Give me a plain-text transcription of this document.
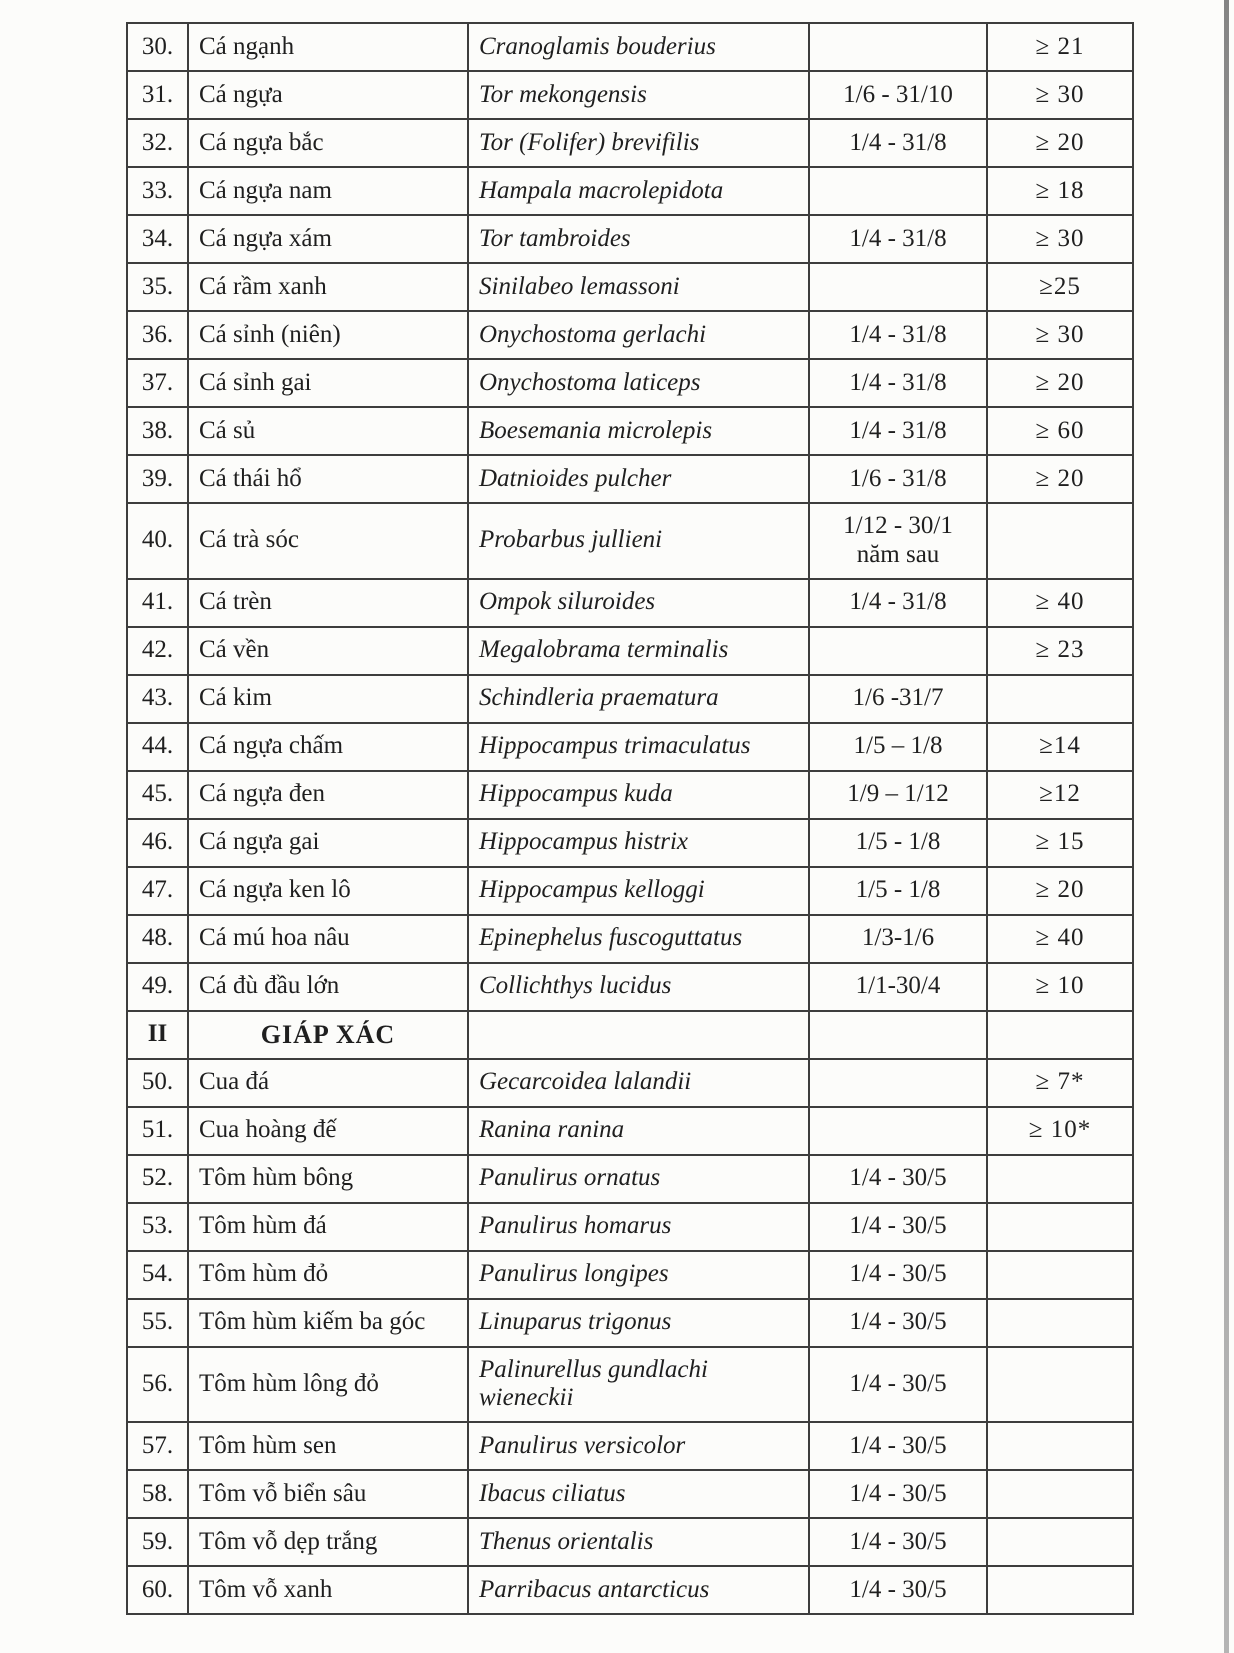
30.	Cá ngạnh	Cranoglamis bouderius		≥ 21
31.	Cá ngựa	Tor mekongensis	1/6 - 31/10	≥ 30
32.	Cá ngựa bắc	Tor (Folifer) brevifilis	1/4 - 31/8	≥ 20
33.	Cá ngựa nam	Hampala macrolepidota		≥ 18
34.	Cá ngựa xám	Tor tambroides	1/4 - 31/8	≥ 30
35.	Cá rầm xanh	Sinilabeo lemassoni		≥25
36.	Cá sỉnh (niên)	Onychostoma gerlachi	1/4 - 31/8	≥ 30
37.	Cá sỉnh gai	Onychostoma laticeps	1/4 - 31/8	≥ 20
38.	Cá sủ	Boesemania microlepis	1/4 - 31/8	≥ 60
39.	Cá thái hổ	Datnioides pulcher	1/6 - 31/8	≥ 20
40.	Cá trà sóc	Probarbus jullieni	1/12 - 30/1 năm sau	
41.	Cá trèn	Ompok siluroides	1/4 - 31/8	≥ 40
42.	Cá vền	Megalobrama terminalis		≥ 23
43.	Cá kim	Schindleria praematura	1/6 -31/7	
44.	Cá ngựa chấm	Hippocampus trimaculatus	1/5 – 1/8	≥14
45.	Cá ngựa đen	Hippocampus kuda	1/9 – 1/12	≥12
46.	Cá ngựa gai	Hippocampus histrix	1/5 - 1/8	≥ 15
47.	Cá ngựa ken lô	Hippocampus kelloggi	1/5 - 1/8	≥ 20
48.	Cá mú hoa nâu	Epinephelus fuscoguttatus	1/3-1/6	≥ 40
49.	Cá đù đầu lớn	Collichthys lucidus	1/1-30/4	≥ 10
II	GIÁP XÁC			
50.	Cua đá	Gecarcoidea lalandii		≥ 7*
51.	Cua hoàng đế	Ranina ranina		≥ 10*
52.	Tôm hùm bông	Panulirus ornatus	1/4 - 30/5	
53.	Tôm hùm đá	Panulirus homarus	1/4 - 30/5	
54.	Tôm hùm đỏ	Panulirus longipes	1/4 - 30/5	
55.	Tôm hùm kiếm ba góc	Linuparus trigonus	1/4 - 30/5	
56.	Tôm hùm lông đỏ	Palinurellus gundlachi wieneckii	1/4 - 30/5	
57.	Tôm hùm sen	Panulirus versicolor	1/4 - 30/5	
58.	Tôm vỗ biển sâu	Ibacus ciliatus	1/4 - 30/5	
59.	Tôm vỗ dẹp trắng	Thenus orientalis	1/4 - 30/5	
60.	Tôm vỗ xanh	Parribacus antarcticus	1/4 - 30/5	
